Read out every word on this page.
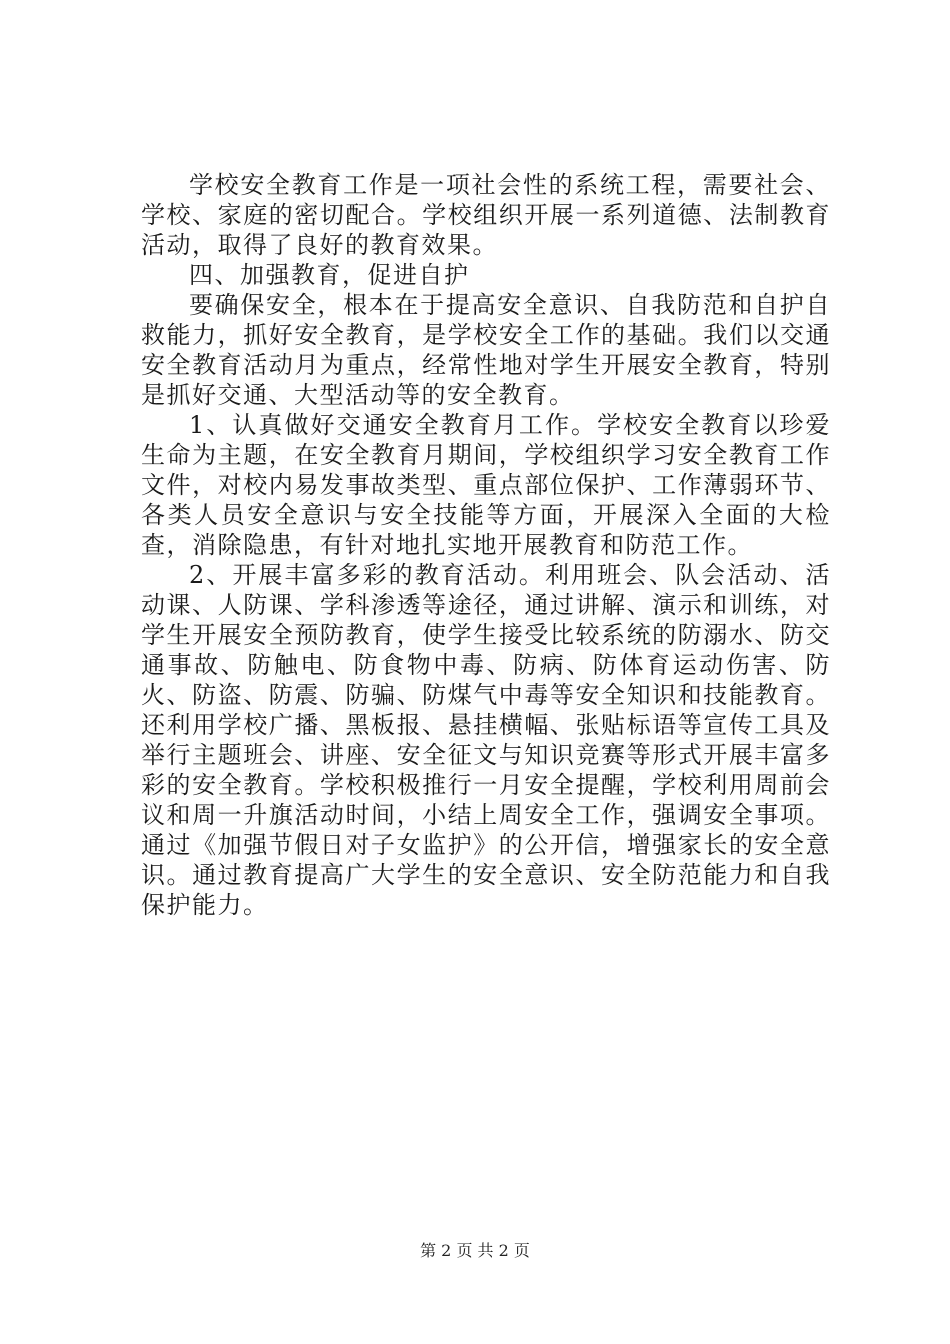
学校安全教育工作是一项社会性的系统工程，需要社会、学校、家庭的密切配合。学校组织开展一系列道德、法制教育活动，取得了良好的教育效果。

四、加强教育，促进自护

要确保安全，根本在于提高安全意识、自我防范和自护自救能力，抓好安全教育，是学校安全工作的基础。我们以交通安全教育活动月为重点，经常性地对学生开展安全教育，特别是抓好交通、大型活动等的安全教育。

1、认真做好交通安全教育月工作。学校安全教育以珍爱生命为主题，在安全教育月期间，学校组织学习安全教育工作文件，对校内易发事故类型、重点部位保护、工作薄弱环节、各类人员安全意识与安全技能等方面，开展深入全面的大检查，消除隐患，有针对地扎实地开展教育和防范工作。

2、开展丰富多彩的教育活动。利用班会、队会活动、活动课、人防课、学科渗透等途径，通过讲解、演示和训练，对学生开展安全预防教育，使学生接受比较系统的防溺水、防交通事故、防触电、防食物中毒、防病、防体育运动伤害、防火、防盗、防震、防骗、防煤气中毒等安全知识和技能教育。还利用学校广播、黑板报、悬挂横幅、张贴标语等宣传工具及举行主题班会、讲座、安全征文与知识竞赛等形式开展丰富多彩的安全教育。学校积极推行一月安全提醒，学校利用周前会议和周一升旗活动时间，小结上周安全工作，强调安全事项。通过《加强节假日对子女监护》的公开信，增强家长的安全意识。通过教育提高广大学生的安全意识、安全防范能力和自我保护能力。

第 2 页 共 2 页
